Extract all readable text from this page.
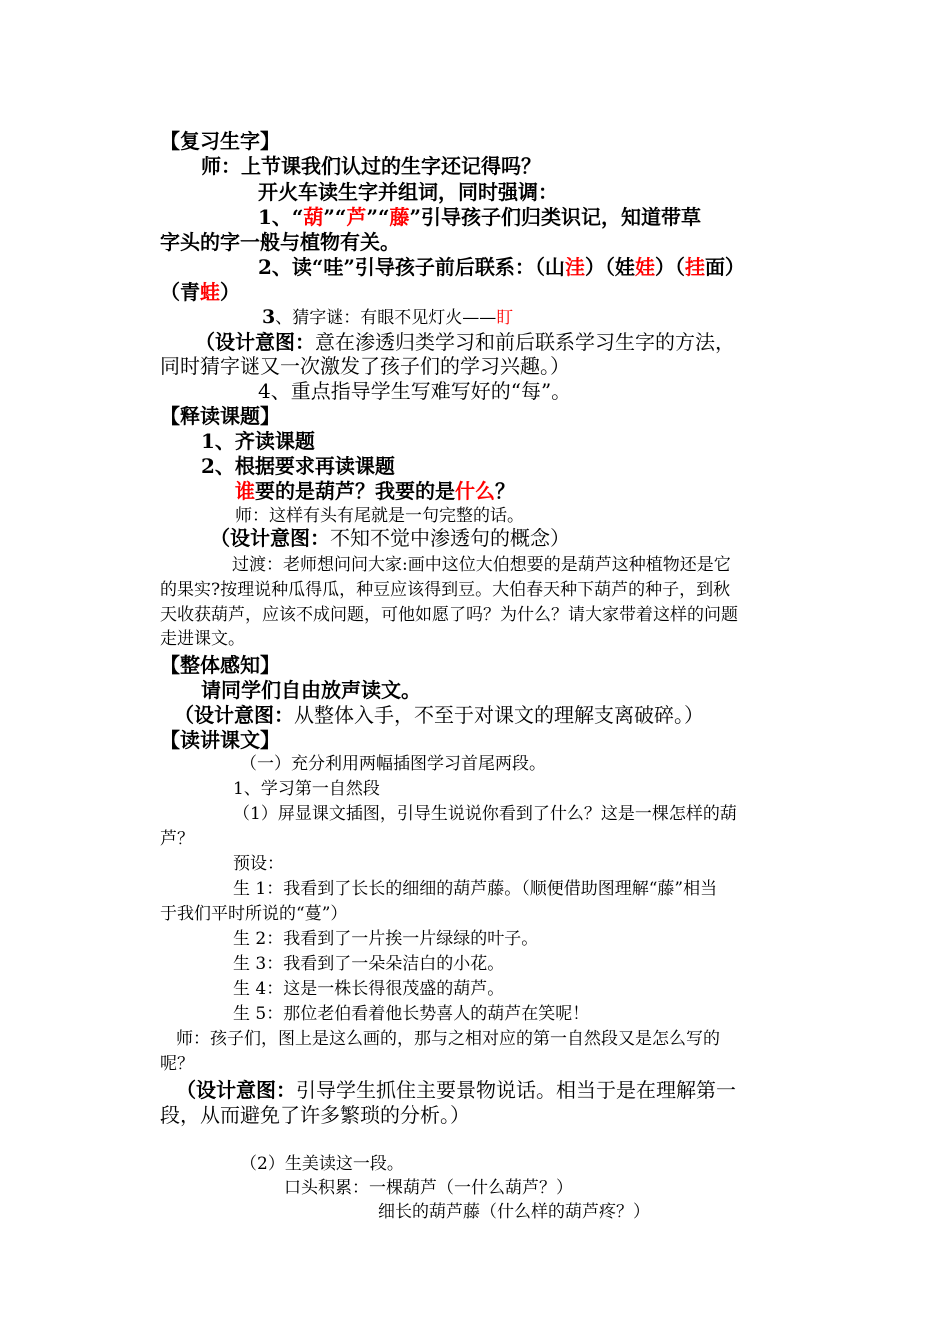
【复习生字】
师：上节课我们认过的生字还记得吗？
开火车读生字并组词，同时强调：
1、“葫”“芦”“藤”引导孩子们归类识记，知道带草
字头的字一般与植物有关。
2、读“哇”引导孩子前后联系：（山洼）（娃娃）（挂面）
（青蛙）
3、猜字谜：有眼不见灯火——盯
（设计意图：意在渗透归类学习和前后联系学习生字的方法，
同时猜字谜又一次激发了孩子们的学习兴趣。）
4、重点指导学生写难写好的“每”。
【释读课题】
1、齐读课题
2、根据要求再读课题
谁要的是葫芦？我要的是什么？
师：这样有头有尾就是一句完整的话。
（设计意图：不知不觉中渗透句的概念）
过渡：老师想问问大家:画中这位大伯想要的是葫芦这种植物还是它
的果实?按理说种瓜得瓜，种豆应该得到豆。大伯春天种下葫芦的种子，到秋
天收获葫芦，应该不成问题，可他如愿了吗？为什么？请大家带着这样的问题
走进课文。
【整体感知】
请同学们自由放声读文。
（设计意图：从整体入手，不至于对课文的理解支离破碎。）
【读讲课文】
（一）充分利用两幅插图学习首尾两段。
1、学习第一自然段
（1）屏显课文插图，引导生说说你看到了什么？这是一棵怎样的葫
芦？
预设：
生 1：我看到了长长的细细的葫芦藤。（顺便借助图理解“藤”相当
于我们平时所说的“蔓”）
生 2：我看到了一片挨一片绿绿的叶子。
生 3：我看到了一朵朵洁白的小花。
生 4：这是一株长得很茂盛的葫芦。
生 5：那位老伯看着他长势喜人的葫芦在笑呢！
师：孩子们，图上是这么画的，那与之相对应的第一自然段又是怎么写的
呢？
（设计意图：引导学生抓住主要景物说话。相当于是在理解第一
段，从而避免了许多繁琐的分析。）
（2）生美读这一段。
口头积累：一棵葫芦（一什么葫芦？）
细长的葫芦藤（什么样的葫芦疼？）
